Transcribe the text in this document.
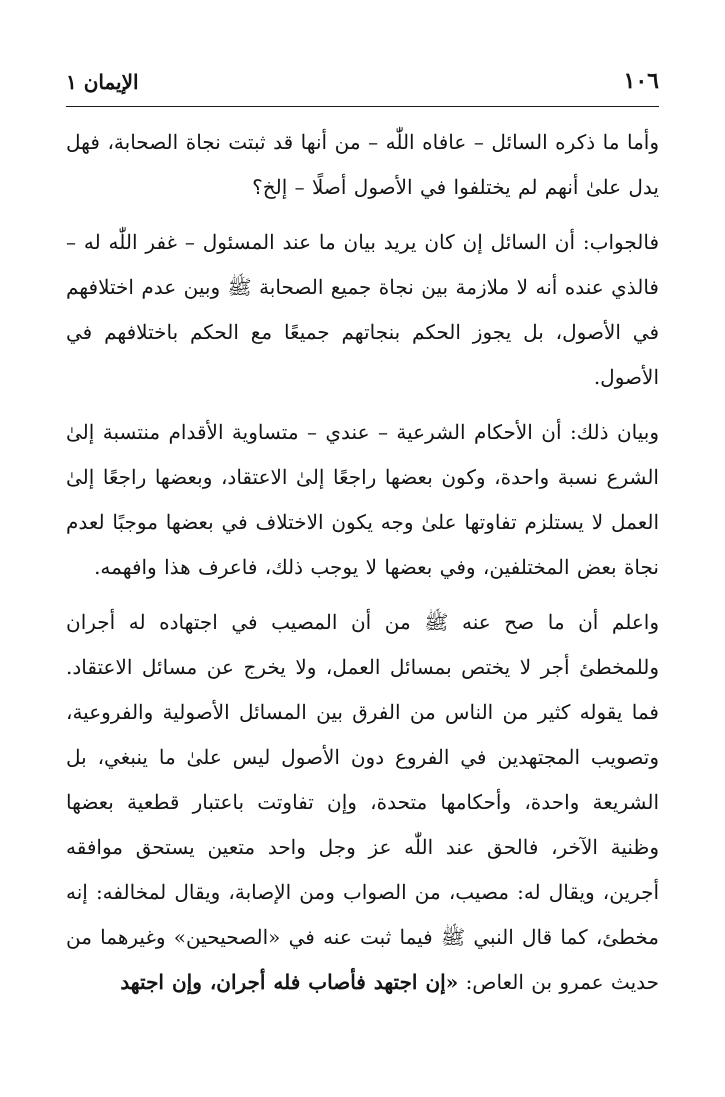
١٠٦
الإيمان ١

وأما ما ذكره السائل – عافاه اللّٰه – من أنها قد ثبتت نجاة الصحابة، فهل يدل علىٰ أنهم لم يختلفوا في الأصول أصلًا – إلخ؟

فالجواب: أن السائل إن كان يريد بيان ما عند المسئول – غفر اللّٰه له – فالذي عنده أنه لا ملازمة بين نجاة جميع الصحابة ﷺ وبين عدم اختلافهم في الأصول، بل يجوز الحكم بنجاتهم جميعًا مع الحكم باختلافهم في الأصول.

وبيان ذلك: أن الأحكام الشرعية – عندي – متساوية الأقدام منتسبة إلىٰ الشرع نسبة واحدة، وكون بعضها راجعًا إلىٰ الاعتقاد، وبعضها راجعًا إلىٰ العمل لا يستلزم تفاوتها علىٰ وجه يكون الاختلاف في بعضها موجبًا لعدم نجاة بعض المختلفين، وفي بعضها لا يوجب ذلك، فاعرف هذا وافهمه.

واعلم أن ما صح عنه ﷺ من أن المصيب في اجتهاده له أجران وللمخطئ أجر لا يختص بمسائل العمل، ولا يخرج عن مسائل الاعتقاد. فما يقوله كثير من الناس من الفرق بين المسائل الأصولية والفروعية، وتصويب المجتهدين في الفروع دون الأصول ليس علىٰ ما ينبغي، بل الشريعة واحدة، وأحكامها متحدة، وإن تفاوتت باعتبار قطعية بعضها وظنية الآخر، فالحق عند اللّٰه عز وجل واحد متعين يستحق موافقه أجرين، ويقال له: مصيب، من الصواب ومن الإصابة، ويقال لمخالفه: إنه مخطئ، كما قال النبي ﷺ فيما ثبت عنه في «الصحيحين» وغيرهما من حديث عمرو بن العاص: «إن اجتهد فأصاب فله أجران، وإن اجتهد
